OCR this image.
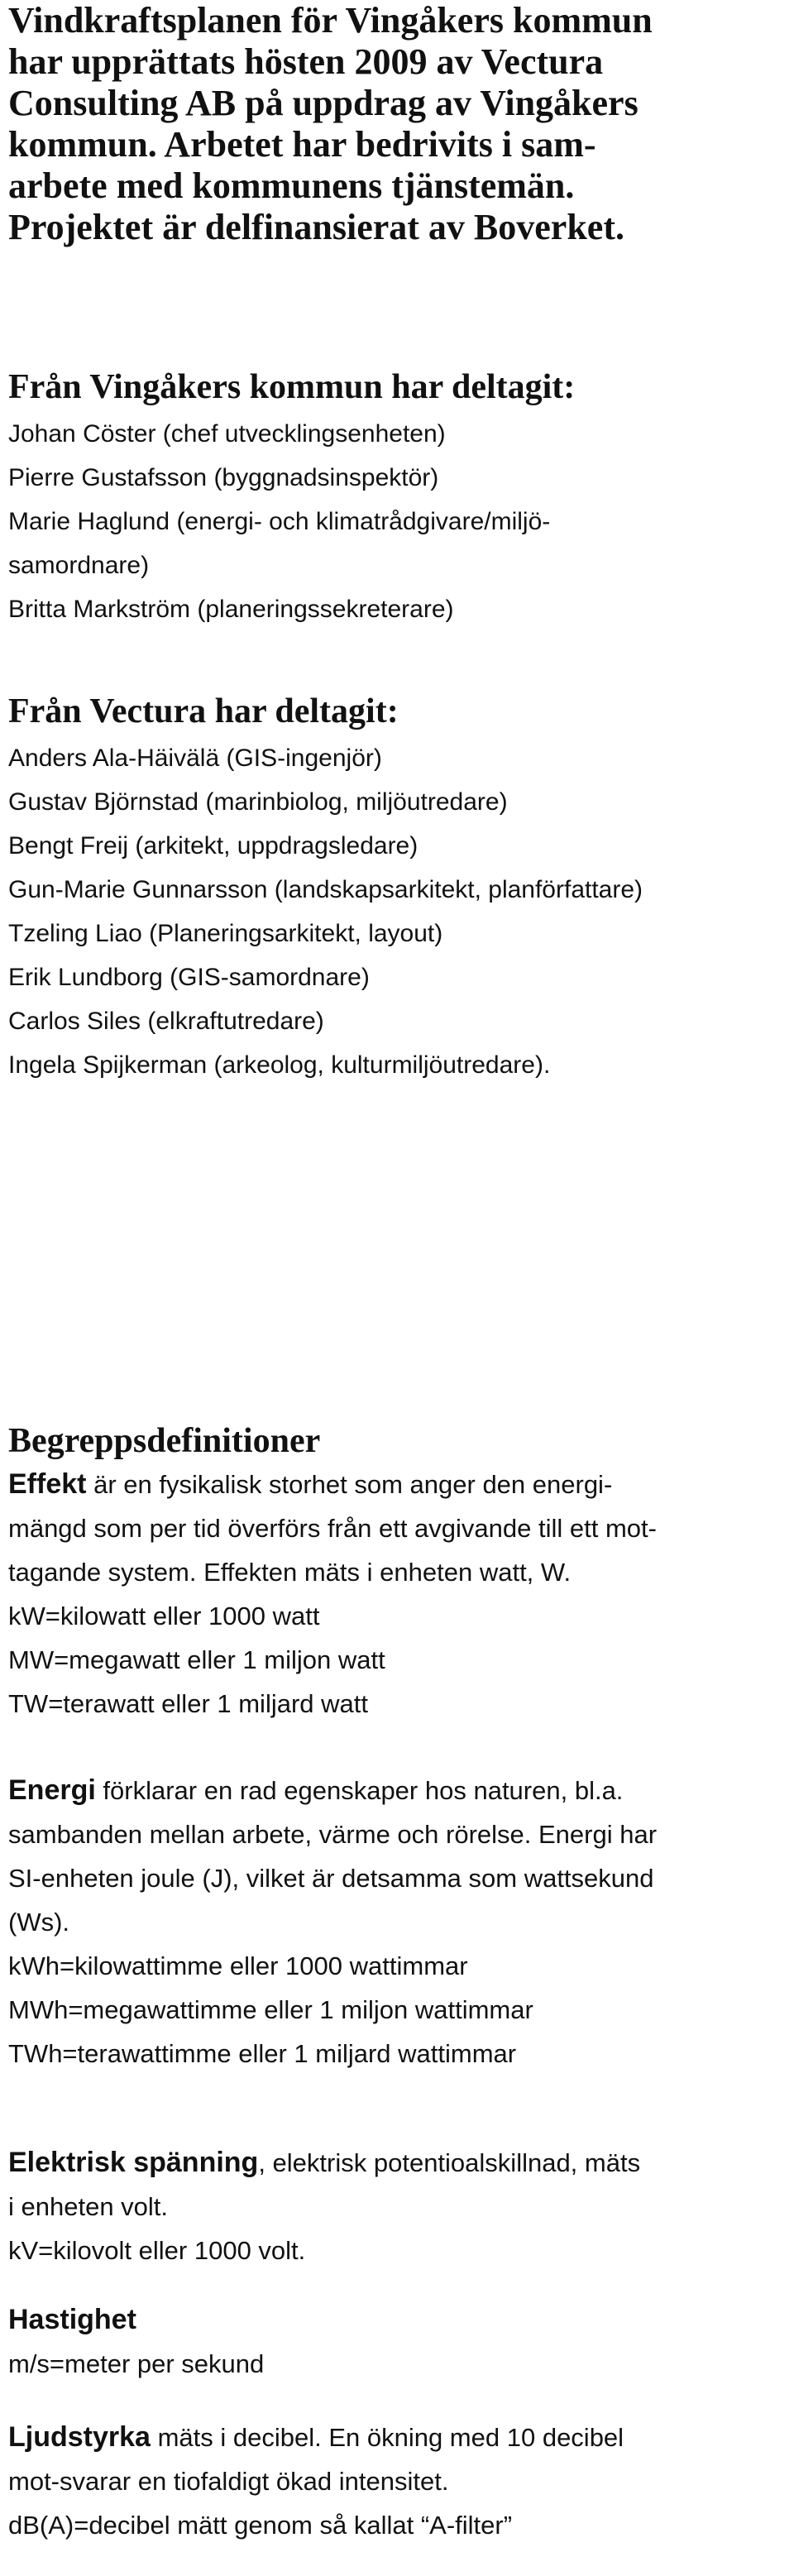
Vindkraftsplanen för Vingåkers kommun
har upprättats hösten 2009 av Vectura
Consulting AB på uppdrag av Vingåkers
kommun. Arbetet har bedrivits i sam-
arbete med kommunens tjänstemän.
Projektet är delfinansierat av Boverket.
Från Vingåkers kommun har deltagit:
Johan Cöster (chef utvecklingsenheten)
Pierre Gustafsson (byggnadsinspektör)
Marie Haglund (energi- och klimatrådgivare/miljö-
samordnare)
Britta Markström (planeringssekreterare)
Från Vectura har deltagit:
Anders Ala-Häivälä (GIS-ingenjör)
Gustav Björnstad (marinbiolog, miljöutredare)
Bengt Freij (arkitekt, uppdragsledare)
Gun-Marie Gunnarsson (landskapsarkitekt, planförfattare)
Tzeling Liao (Planeringsarkitekt, layout)
Erik Lundborg (GIS-samordnare)
Carlos Siles (elkraftutredare)
Ingela Spijkerman (arkeolog, kulturmiljöutredare).
Begreppsdefinitioner
Effekt är en fysikalisk storhet som anger den energi-
mängd som per tid överförs från ett avgivande till ett mot-
tagande system. Effekten mäts i enheten watt, W.
kW=kilowatt eller 1000 watt
MW=megawatt eller 1 miljon watt
TW=terawatt eller 1 miljard watt
Energi förklarar en rad egenskaper hos naturen, bl.a.
sambanden mellan arbete, värme och rörelse. Energi har
SI-enheten joule (J), vilket är detsamma som wattsekund
(Ws).
kWh=kilowattimme eller 1000 wattimmar
MWh=megawattimme eller 1 miljon wattimmar
TWh=terawattimme eller 1 miljard wattimmar
Elektrisk spänning, elektrisk potentioalskillnad, mäts
i enheten volt.
kV=kilovolt eller 1000 volt.
Hastighet
m/s=meter per sekund
Ljudstyrka mäts i decibel. En ökning med 10 decibel
mot-svarar en tiofaldigt ökad intensitet.
dB(A)=decibel mätt genom så kallat “A-filter”
